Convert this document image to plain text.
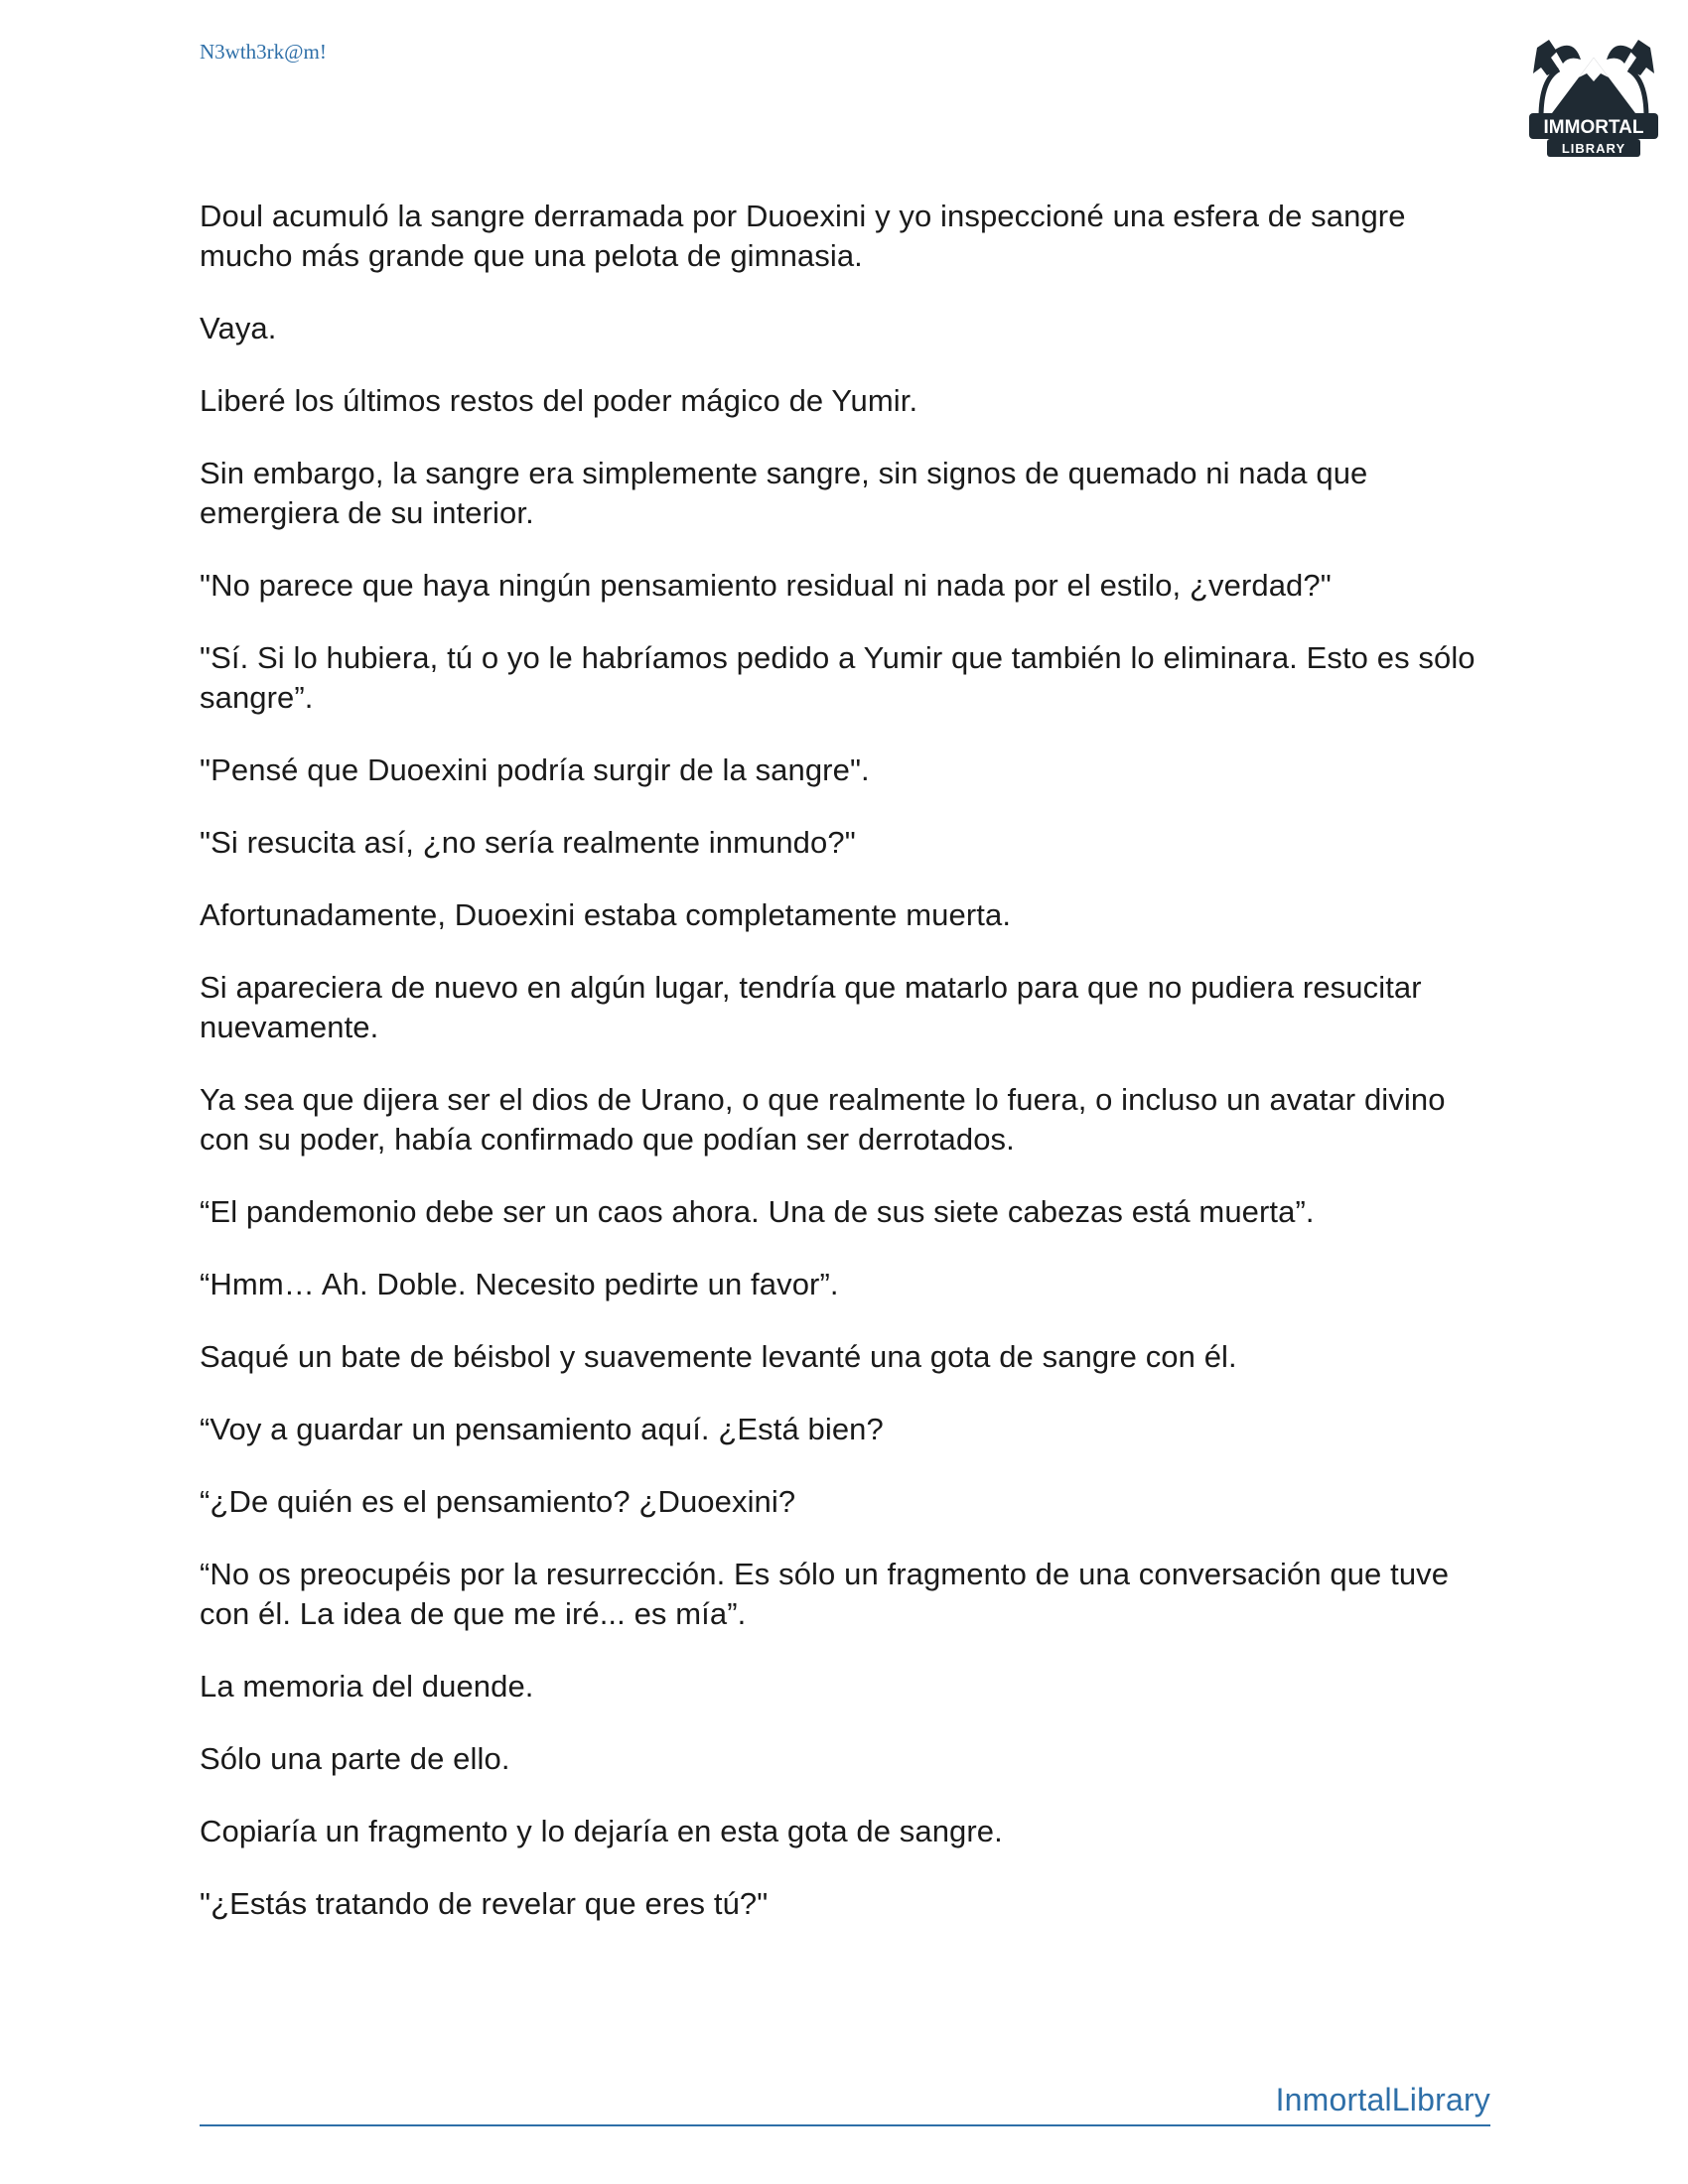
N3wth3rk@m!
IMMORTAL
LIBRARY

Doul acumuló la sangre derramada por Duoexini y yo inspeccioné una esfera de sangre mucho más grande que una pelota de gimnasia.

Vaya.

Liberé los últimos restos del poder mágico de Yumir.

Sin embargo, la sangre era simplemente sangre, sin signos de quemado ni nada que emergiera de su interior.

"No parece que haya ningún pensamiento residual ni nada por el estilo, ¿verdad?"

"Sí. Si lo hubiera, tú o yo le habríamos pedido a Yumir que también lo eliminara. Esto es sólo sangre”.

"Pensé que Duoexini podría surgir de la sangre".

"Si resucita así, ¿no sería realmente inmundo?"

Afortunadamente, Duoexini estaba completamente muerta.

Si apareciera de nuevo en algún lugar, tendría que matarlo para que no pudiera resucitar nuevamente.

Ya sea que dijera ser el dios de Urano, o que realmente lo fuera, o incluso un avatar divino con su poder, había confirmado que podían ser derrotados.

“El pandemonio debe ser un caos ahora. Una de sus siete cabezas está muerta”.

“Hmm… Ah. Doble. Necesito pedirte un favor”.

Saqué un bate de béisbol y suavemente levanté una gota de sangre con él.

“Voy a guardar un pensamiento aquí. ¿Está bien?

“¿De quién es el pensamiento? ¿Duoexini?

“No os preocupéis por la resurrección. Es sólo un fragmento de una conversación que tuve con él. La idea de que me iré... es mía”.

La memoria del duende.

Sólo una parte de ello.

Copiaría un fragmento y lo dejaría en esta gota de sangre.

"¿Estás tratando de revelar que eres tú?"

InmortalLibrary
